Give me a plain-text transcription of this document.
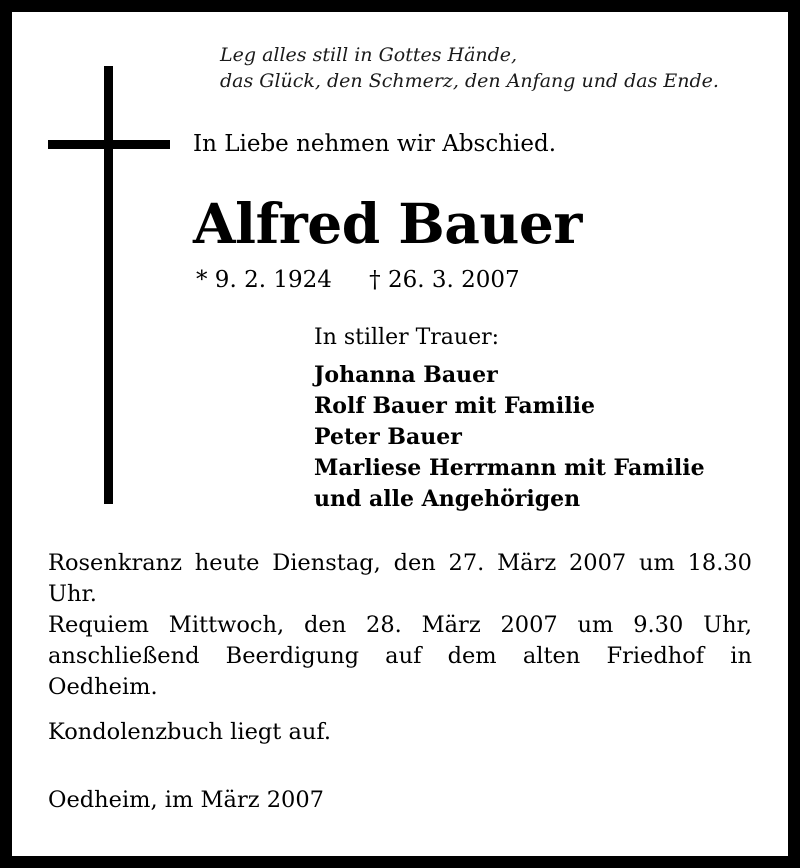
Leg alles still in Gottes Hände,
das Glück, den Schmerz, den Anfang und das Ende.
In Liebe nehmen wir Abschied.
Alfred Bauer
* 9. 2. 1924 † 26. 3. 2007
In stiller Trauer:
Johanna Bauer
Rolf Bauer mit Familie
Peter Bauer
Marliese Herrmann mit Familie
und alle Angehörigen

Rosenkranz heute Dienstag, den 27. März 2007 um 18.30 Uhr.

Requiem Mittwoch, den 28. März 2007 um 9.30 Uhr, anschließend Beerdigung auf dem alten Friedhof in Oedheim.

Kondolenzbuch liegt auf.

Oedheim, im März 2007
